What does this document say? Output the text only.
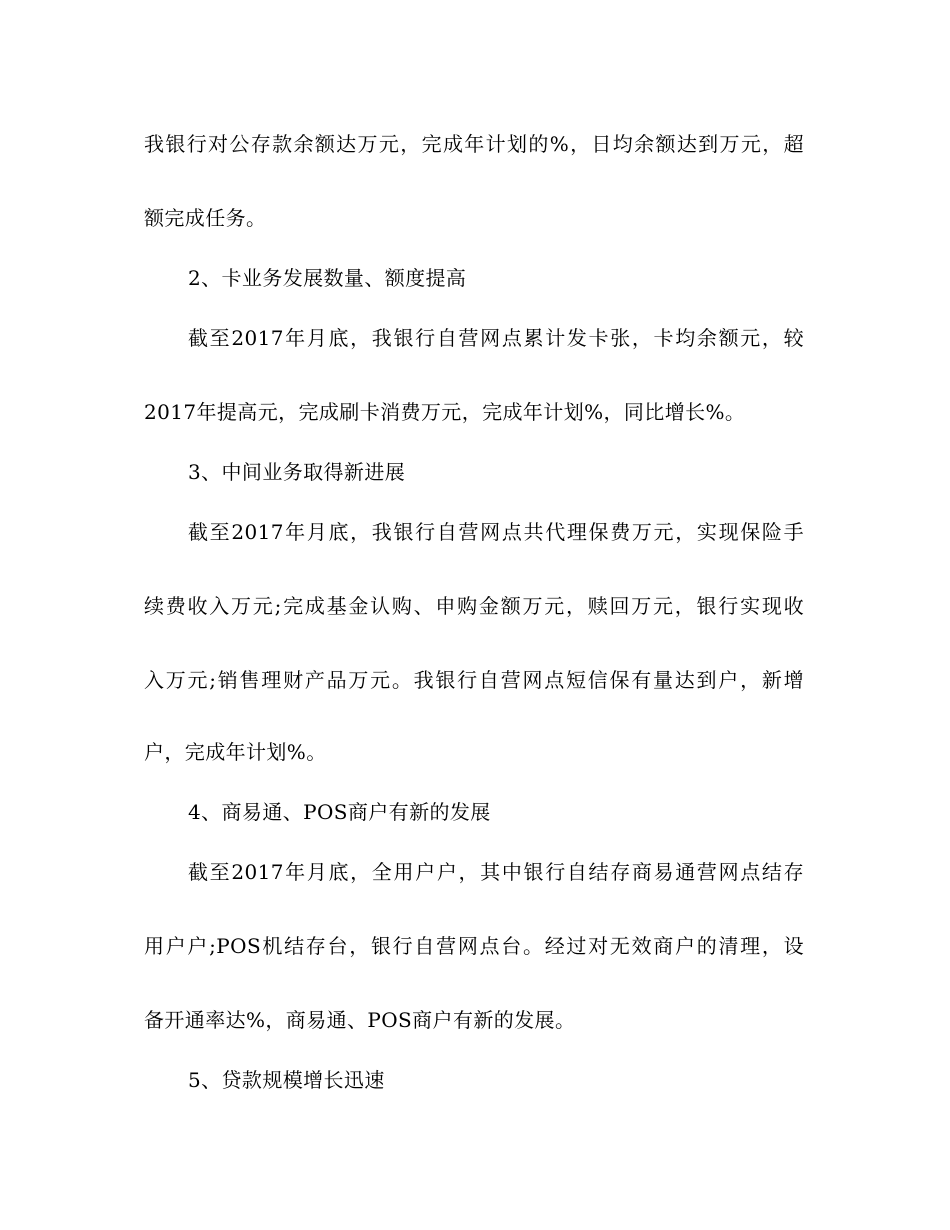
我银行对公存款余额达万元，完成年计划的%，日均余额达到万元，超
额完成任务。
2、卡业务发展数量、额度提高
截至2017年月底，我银行自营网点累计发卡张，卡均余额元，较
2017年提高元，完成刷卡消费万元，完成年计划%，同比增长%。
3、中间业务取得新进展
截至2017年月底，我银行自营网点共代理保费万元，实现保险手
续费收入万元;完成基金认购、申购金额万元，赎回万元，银行实现收
入万元;销售理财产品万元。我银行自营网点短信保有量达到户，新增
户，完成年计划%。
4、商易通、POS商户有新的发展
截至2017年月底，全用户户，其中银行自结存商易通营网点结存
用户户;POS机结存台，银行自营网点台。经过对无效商户的清理，设
备开通率达%，商易通、POS商户有新的发展。
5、贷款规模增长迅速
